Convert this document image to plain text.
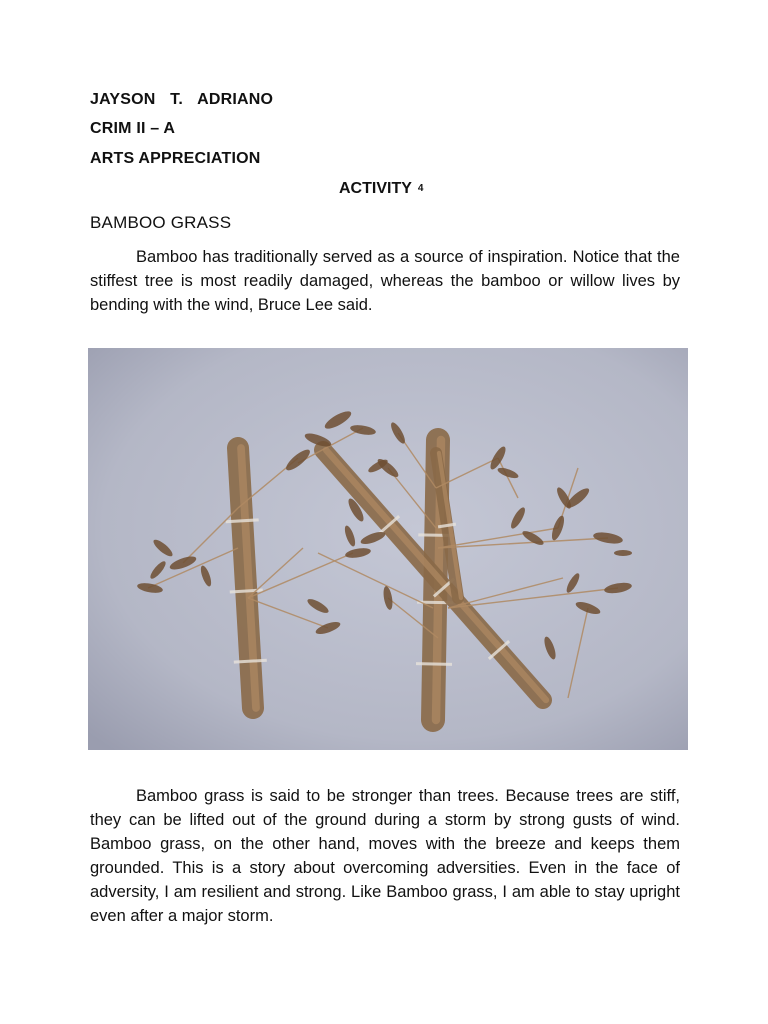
JAYSON T. ADRIANO
CRIM II – A
ARTS APPRECIATION
ACTIVITY 4
BAMBOO GRASS

Bamboo has traditionally served as a source of inspiration. Notice that the stiffest tree is most readily damaged, whereas the bamboo or willow lives by bending with the wind, Bruce Lee said.

Bamboo grass is said to be stronger than trees. Because trees are stiff, they can be lifted out of the ground during a storm by strong gusts of wind. Bamboo grass, on the other hand, moves with the breeze and keeps them grounded. This is a story about overcoming adversities. Even in the face of adversity, I am resilient and strong. Like Bamboo grass, I am able to stay upright even after a major storm.
